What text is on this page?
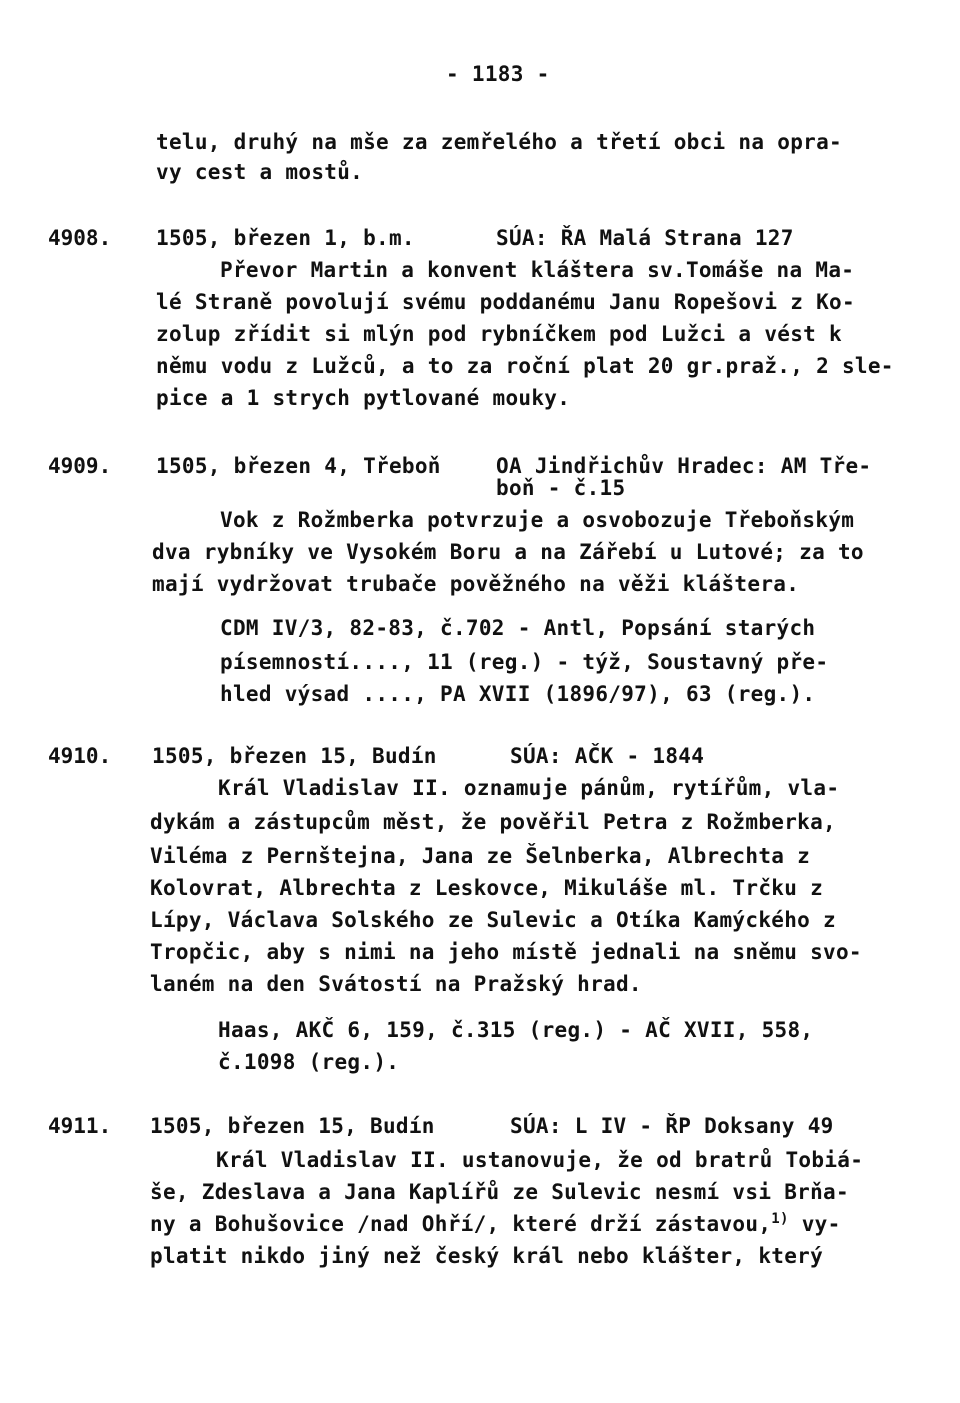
- 1183 -
telu, druhý na mše za zemřelého a třetí obci na opra-
vy cest a mostů.
4908. 1505, březen 1, b.m.	SÚA: ŘA Malá Strana 127
Převor Martin a konvent kláštera sv.Tomáše na Ma-
lé Straně povolují svému poddanému Janu Ropešovi z Ko-
zolup zřídit si mlýn pod rybníčkem pod Lužci a vést k
němu vodu z Lužců, a to za roční plat 20 gr.praž., 2 sle-
pice a 1 strych pytlované mouky.
4909. 1505, březen 4, Třeboň	OA Jindřichův Hradec: AM Tře-
boň - č.15
Vok z Rožmberka potvrzuje a osvobozuje Třeboňským
dva rybníky ve Vysokém Boru a na Zářebí u Lutové; za to
mají vydržovat trubače pověžného na věži kláštera.
CDM IV/3, 82-83, č.702 - Antl, Popsání starých
písemností...., 11 (reg.) - týž, Soustavný pře-
hled výsad ...., PA XVII (1896/97), 63 (reg.).
4910. 1505, březen 15, Budín	SÚA: AČK - 1844
Král Vladislav II. oznamuje pánům, rytířům, vla-
dykám a zástupcům měst, že pověřil Petra z Rožmberka,
Viléma z Pernštejna, Jana ze Šelnberka, Albrechta z
Kolovrat, Albrechta z Leskovce, Mikuláše ml. Trčku z
Lípy, Václava Solského ze Sulevic a Otíka Kamýckého z
Tropčic, aby s nimi na jeho místě jednali na sněmu svo-
laném na den Svátostí na Pražský hrad.
Haas, AKČ 6, 159, č.315 (reg.) - AČ XVII, 558,
č.1098 (reg.).
4911. 1505, březen 15, Budín	SÚA: L IV - ŘP Doksany 49
Král Vladislav II. ustanovuje, že od bratrů Tobiá-
še, Zdeslava a Jana Kaplířů ze Sulevic nesmí vsi Brňa-
ny a Bohušovice /nad Ohří/, které drží zástavou,$^{1)}$ vy-
platit nikdo jiný než český král nebo klášter, který
